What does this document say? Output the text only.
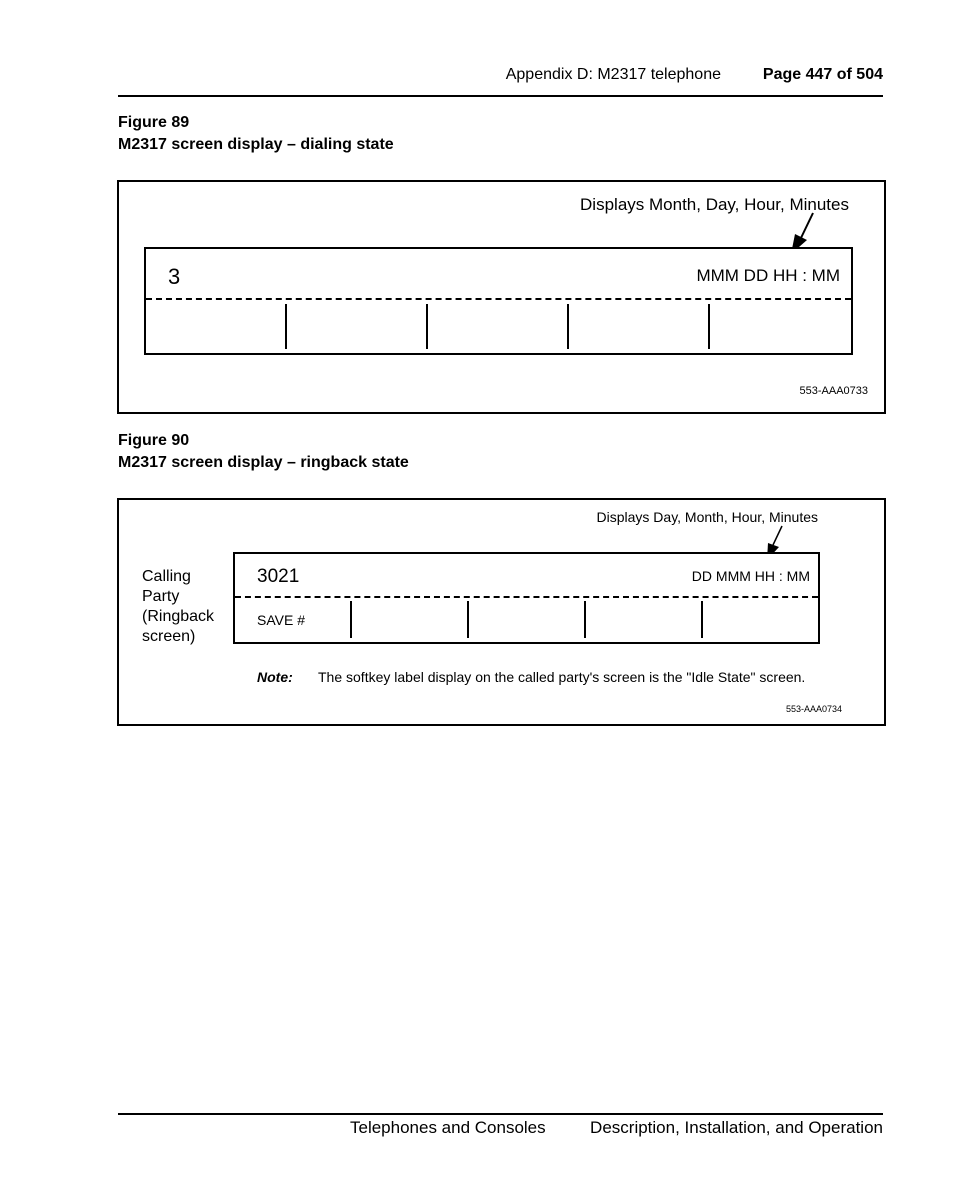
Appendix D: M2317 telephone	Page 447 of 504
Figure 89
M2317 screen display – dialing state
Displays Month, Day, Hour, Minutes
3	MMM DD HH : MM
553-AAA0733
Figure 90
M2317 screen display – ringback state
Displays Day, Month, Hour, Minutes
Calling
Party
(Ringback
screen)
3021	DD MMM HH : MM
SAVE #
Note: The softkey label display on the called party's screen is the "Idle State" screen.
553-AAA0734
Telephones and Consoles	Description, Installation, and Operation
